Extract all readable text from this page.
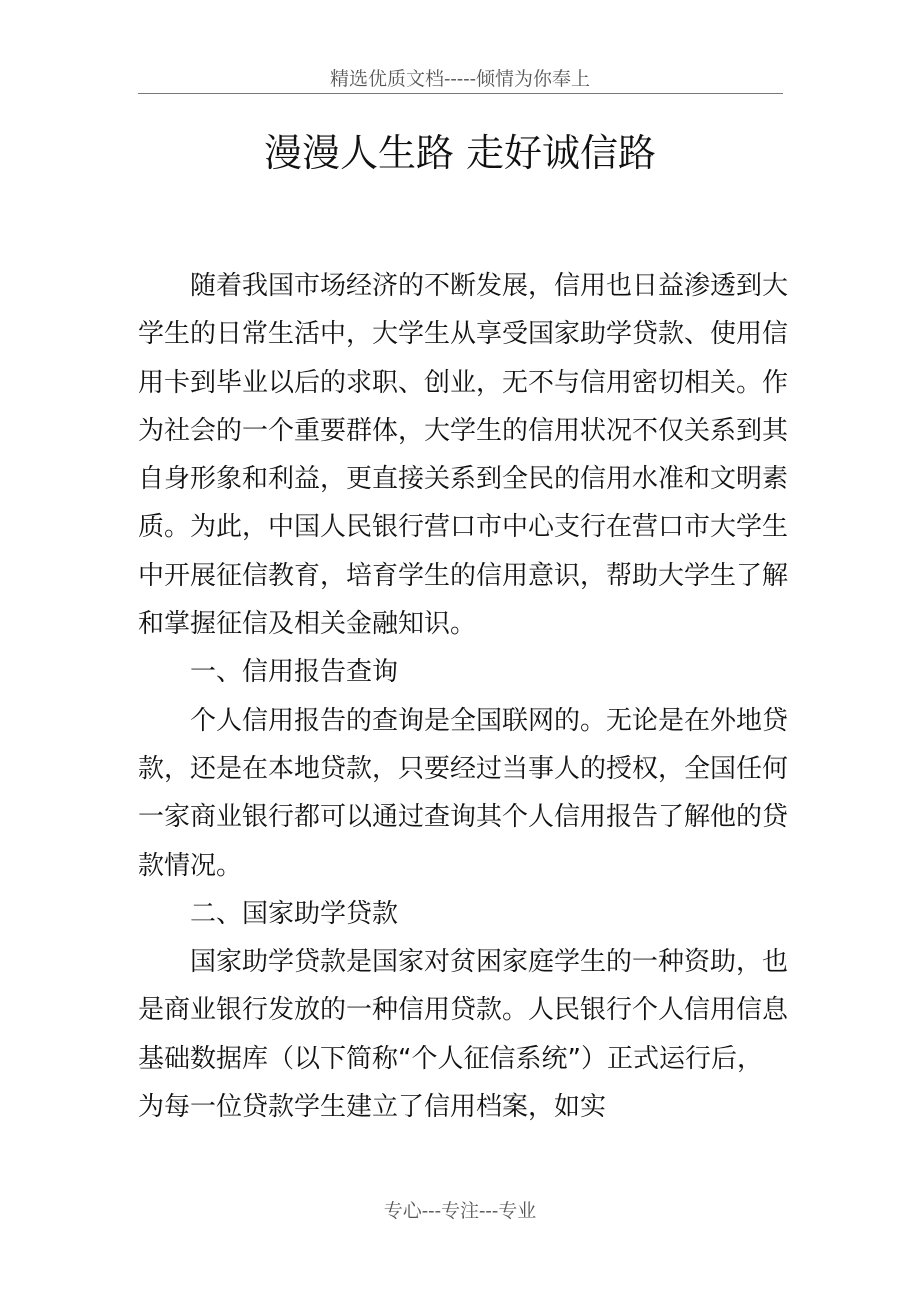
精选优质文档-----倾情为你奉上
漫漫人生路 走好诚信路

随着我国市场经济的不断发展，信用也日益渗透到大学生的日常生活中，大学生从享受国家助学贷款、使用信用卡到毕业以后的求职、创业，无不与信用密切相关。作为社会的一个重要群体，大学生的信用状况不仅关系到其自身形象和利益，更直接关系到全民的信用水准和文明素质。为此，中国人民银行营口市中心支行在营口市大学生中开展征信教育，培育学生的信用意识，帮助大学生了解和掌握征信及相关金融知识。

一、信用报告查询

个人信用报告的查询是全国联网的。无论是在外地贷款，还是在本地贷款，只要经过当事人的授权，全国任何一家商业银行都可以通过查询其个人信用报告了解他的贷款情况。

二、国家助学贷款

国家助学贷款是国家对贫困家庭学生的一种资助，也是商业银行发放的一种信用贷款。人民银行个人信用信息基础数据库（以下简称“个人征信系统”）正式运行后，为每一位贷款学生建立了信用档案，如实

专心---专注---专业
